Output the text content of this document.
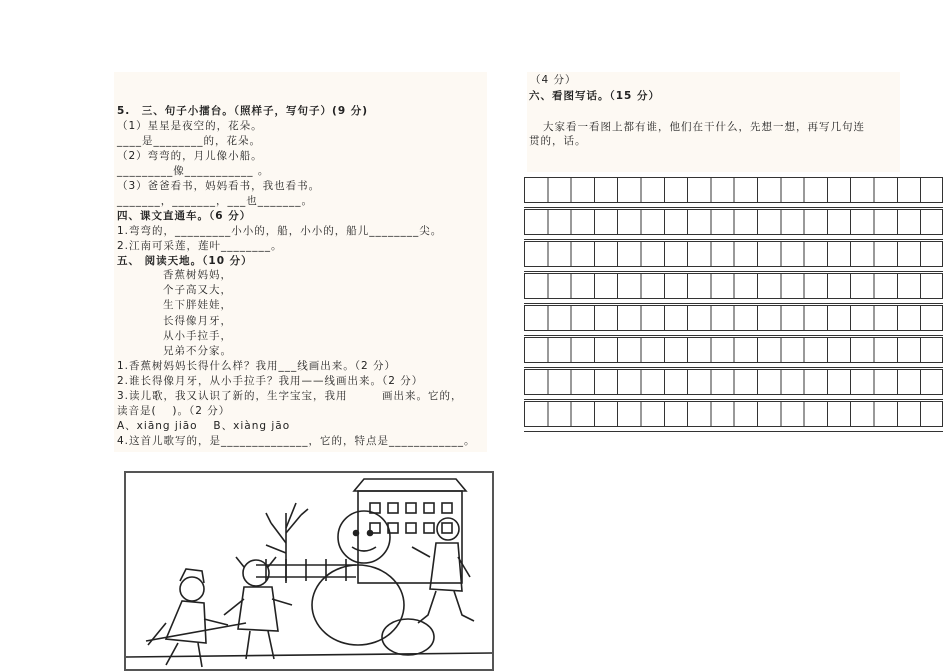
5.　三、句子小擂台。（照样子，写句子）(9 分)
（1）星星是夜空的，花朵。
____是________的，花朵。
（2）弯弯的，月儿像小船。
_________像___________ 。
（3）爸爸看书，妈妈看书，我也看书。
_______，_______，___也_______。
四、课文直通车。（6 分）
1.弯弯的，_________小小的，船，小小的，船儿________尖。
2.江南可采莲，莲叶________。
五、 阅读天地。（10 分）
香蕉树妈妈，
个子高又大，
生下胖娃娃，
长得像月牙，
从小手拉手，
兄弟不分家。
1.香蕉树妈妈长得什么样？我用___线画出来。（2 分）
2.谁长得像月牙，从小手拉手？我用——线画出来。（2 分）
3.读儿歌，我又认识了新的，生字宝宝，我用　　　画出来。它的，
读音是(　 )。（2 分）
A、xiāng jiāo　 B、xiàng jāo
4.这首儿歌写的，是______________，它的，特点是____________。
（4 分）
六、看图写话。（15 分）
大家看一看图上都有谁，他们在干什么，先想一想，再写几句连
贯的，话。
